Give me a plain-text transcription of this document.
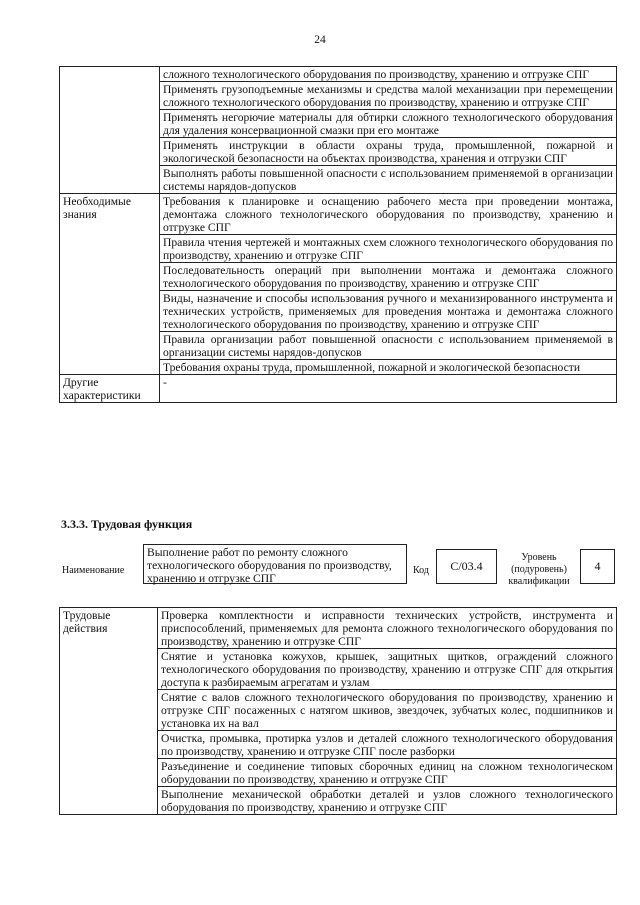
24
	сложного технологического оборудования по производству, хранению и отгрузке СПГ
	Применять грузоподъемные механизмы и средства малой механизации при перемещении сложного технологического оборудования по производству, хранению и отгрузке СПГ
	Применять негорючие материалы для обтирки сложного технологического оборудования для удаления консервационной смазки при его монтаже
	Применять инструкции в области охраны труда, промышленной, пожарной и экологической безопасности на объектах производства, хранения и отгрузки СПГ
	Выполнять работы повышенной опасности с использованием применяемой в организации системы нарядов-допусков
Необходимые знания	Требования к планировке и оснащению рабочего места при проведении монтажа, демонтажа сложного технологического оборудования по производству, хранению и отгрузке СПГ
	Правила чтения чертежей и монтажных схем сложного технологического оборудования по производству, хранению и отгрузке СПГ
	Последовательность операций при выполнении монтажа и демонтажа сложного технологического оборудования по производству, хранению и отгрузке СПГ
	Виды, назначение и способы использования ручного и механизированного инструмента и технических устройств, применяемых для проведения монтажа и демонтажа сложного технологического оборудования по производству, хранению и отгрузке СПГ
	Правила организации работ повышенной опасности с использованием применяемой в организации системы нарядов-допусков
	Требования охраны труда, промышленной, пожарной и экологической безопасности
Другие характеристики	-
3.3.3. Трудовая функция
Наименование
Выполнение работ по ремонту сложного технологического оборудования по производству, хранению и отгрузке СПГ
Код	С/03.4
Уровень
(подуровень)
квалификации
4
Трудовые действия	Проверка комплектности и исправности технических устройств, инструмента и приспособлений, применяемых для ремонта сложного технологического оборудования по производству, хранению и отгрузке СПГ
Снятие и установка кожухов, крышек, защитных щитков, ограждений сложного технологического оборудования по производству, хранению и отгрузке СПГ для открытия доступа к разбираемым агрегатам и узлам
Снятие с валов сложного технологического оборудования по производству, хранению и отгрузке СПГ посаженных с натягом шкивов, звездочек, зубчатых колес, подшипников и установка их на вал
Очистка, промывка, протирка узлов и деталей сложного технологического оборудования по производству, хранению и отгрузке СПГ после разборки
Разъединение и соединение типовых сборочных единиц на сложном технологическом оборудовании по производству, хранению и отгрузке СПГ
Выполнение механической обработки деталей и узлов сложного технологического оборудования по производству, хранению и отгрузке СПГ
